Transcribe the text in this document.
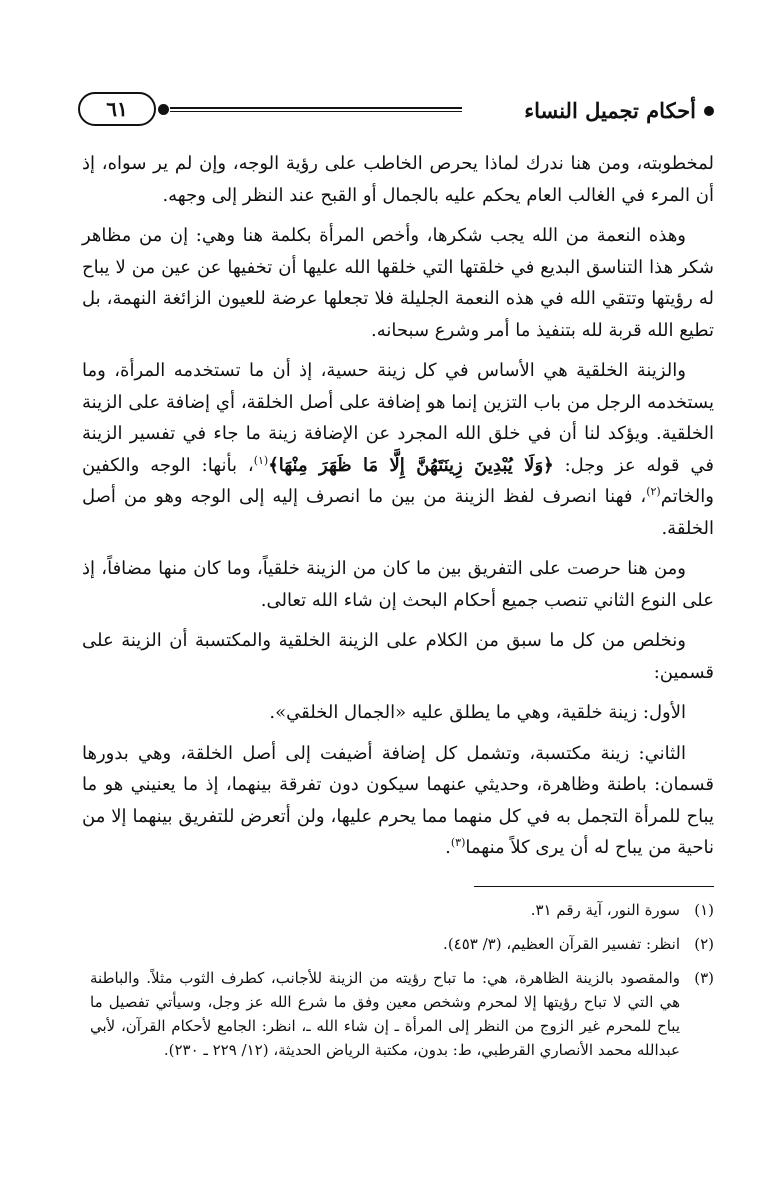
أحكام تجميل النساء
٦١

لمخطوبته، ومن هنا ندرك لماذا يحرص الخاطب على رؤية الوجه، وإن لم ير سواه، إذ أن المرء في الغالب العام يحكم عليه بالجمال أو القبح عند النظر إلى وجهه.

وهذه النعمة من الله يجب شكرها، وأخص المرأة بكلمة هنا وهي: إن من مظاهر شكر هذا التناسق البديع في خلقتها التي خلقها الله عليها أن تخفيها عن عين من لا يباح له رؤيتها وتتقي الله في هذه النعمة الجليلة فلا تجعلها عرضة للعيون الزائغة النهمة، بل تطيع الله قربة لله بتنفيذ ما أمر وشرع سبحانه.

والزينة الخلقية هي الأساس في كل زينة حسية، إذ أن ما تستخدمه المرأة، وما يستخدمه الرجل من باب التزين إنما هو إضافة على أصل الخلقة، أي إضافة على الزينة الخلقية. ويؤكد لنا أن في خلق الله المجرد عن الإضافة زينة ما جاء في تفسير الزينة في قوله عز وجل: ﴿وَلَا يُبْدِينَ زِينَتَهُنَّ إِلَّا مَا ظَهَرَ مِنْهَا﴾$^{(١)}$، بأنها: الوجه والكفين والخاتم$^{(٢)}$، فهنا انصرف لفظ الزينة من بين ما انصرف إليه إلى الوجه وهو من أصل الخلقة.

ومن هنا حرصت على التفريق بين ما كان من الزينة خلقياً، وما كان منها مضافاً، إذ على النوع الثاني تنصب جميع أحكام البحث إن شاء الله تعالى.

ونخلص من كل ما سبق من الكلام على الزينة الخلقية والمكتسبة أن الزينة على قسمين:

الأول: زينة خلقية، وهي ما يطلق عليه «الجمال الخلقي».

الثاني: زينة مكتسبة، وتشمل كل إضافة أضيفت إلى أصل الخلقة، وهي بدورها قسمان: باطنة وظاهرة، وحديثي عنهما سيكون دون تفرقة بينهما، إذ ما يعنيني هو ما يباح للمرأة التجمل به في كل منهما مما يحرم عليها، ولن أتعرض للتفريق بينهما إلا من ناحية من يباح له أن يرى كلاً منهما$^{(٣)}$.

(١)
سورة النور، آية رقم ٣١.
(٢)
انظر: تفسير القرآن العظيم، (٣/ ٤٥٣).
(٣)
والمقصود بالزينة الظاهرة، هي: ما تباح رؤيته من الزينة للأجانب، كطرف الثوب مثلاً. والباطنة هي التي لا تباح رؤيتها إلا لمحرم وشخص معين وفق ما شرع الله عز وجل، وسيأتي تفصيل ما يباح للمحرم غير الزوج من النظر إلى المرأة ـ إن شاء الله ـ، انظر: الجامع لأحكام القرآن، لأبي عبدالله محمد الأنصاري القرطبي، ط: بدون، مكتبة الرياض الحديثة، (١٢/ ٢٢٩ ـ ٢٣٠).
